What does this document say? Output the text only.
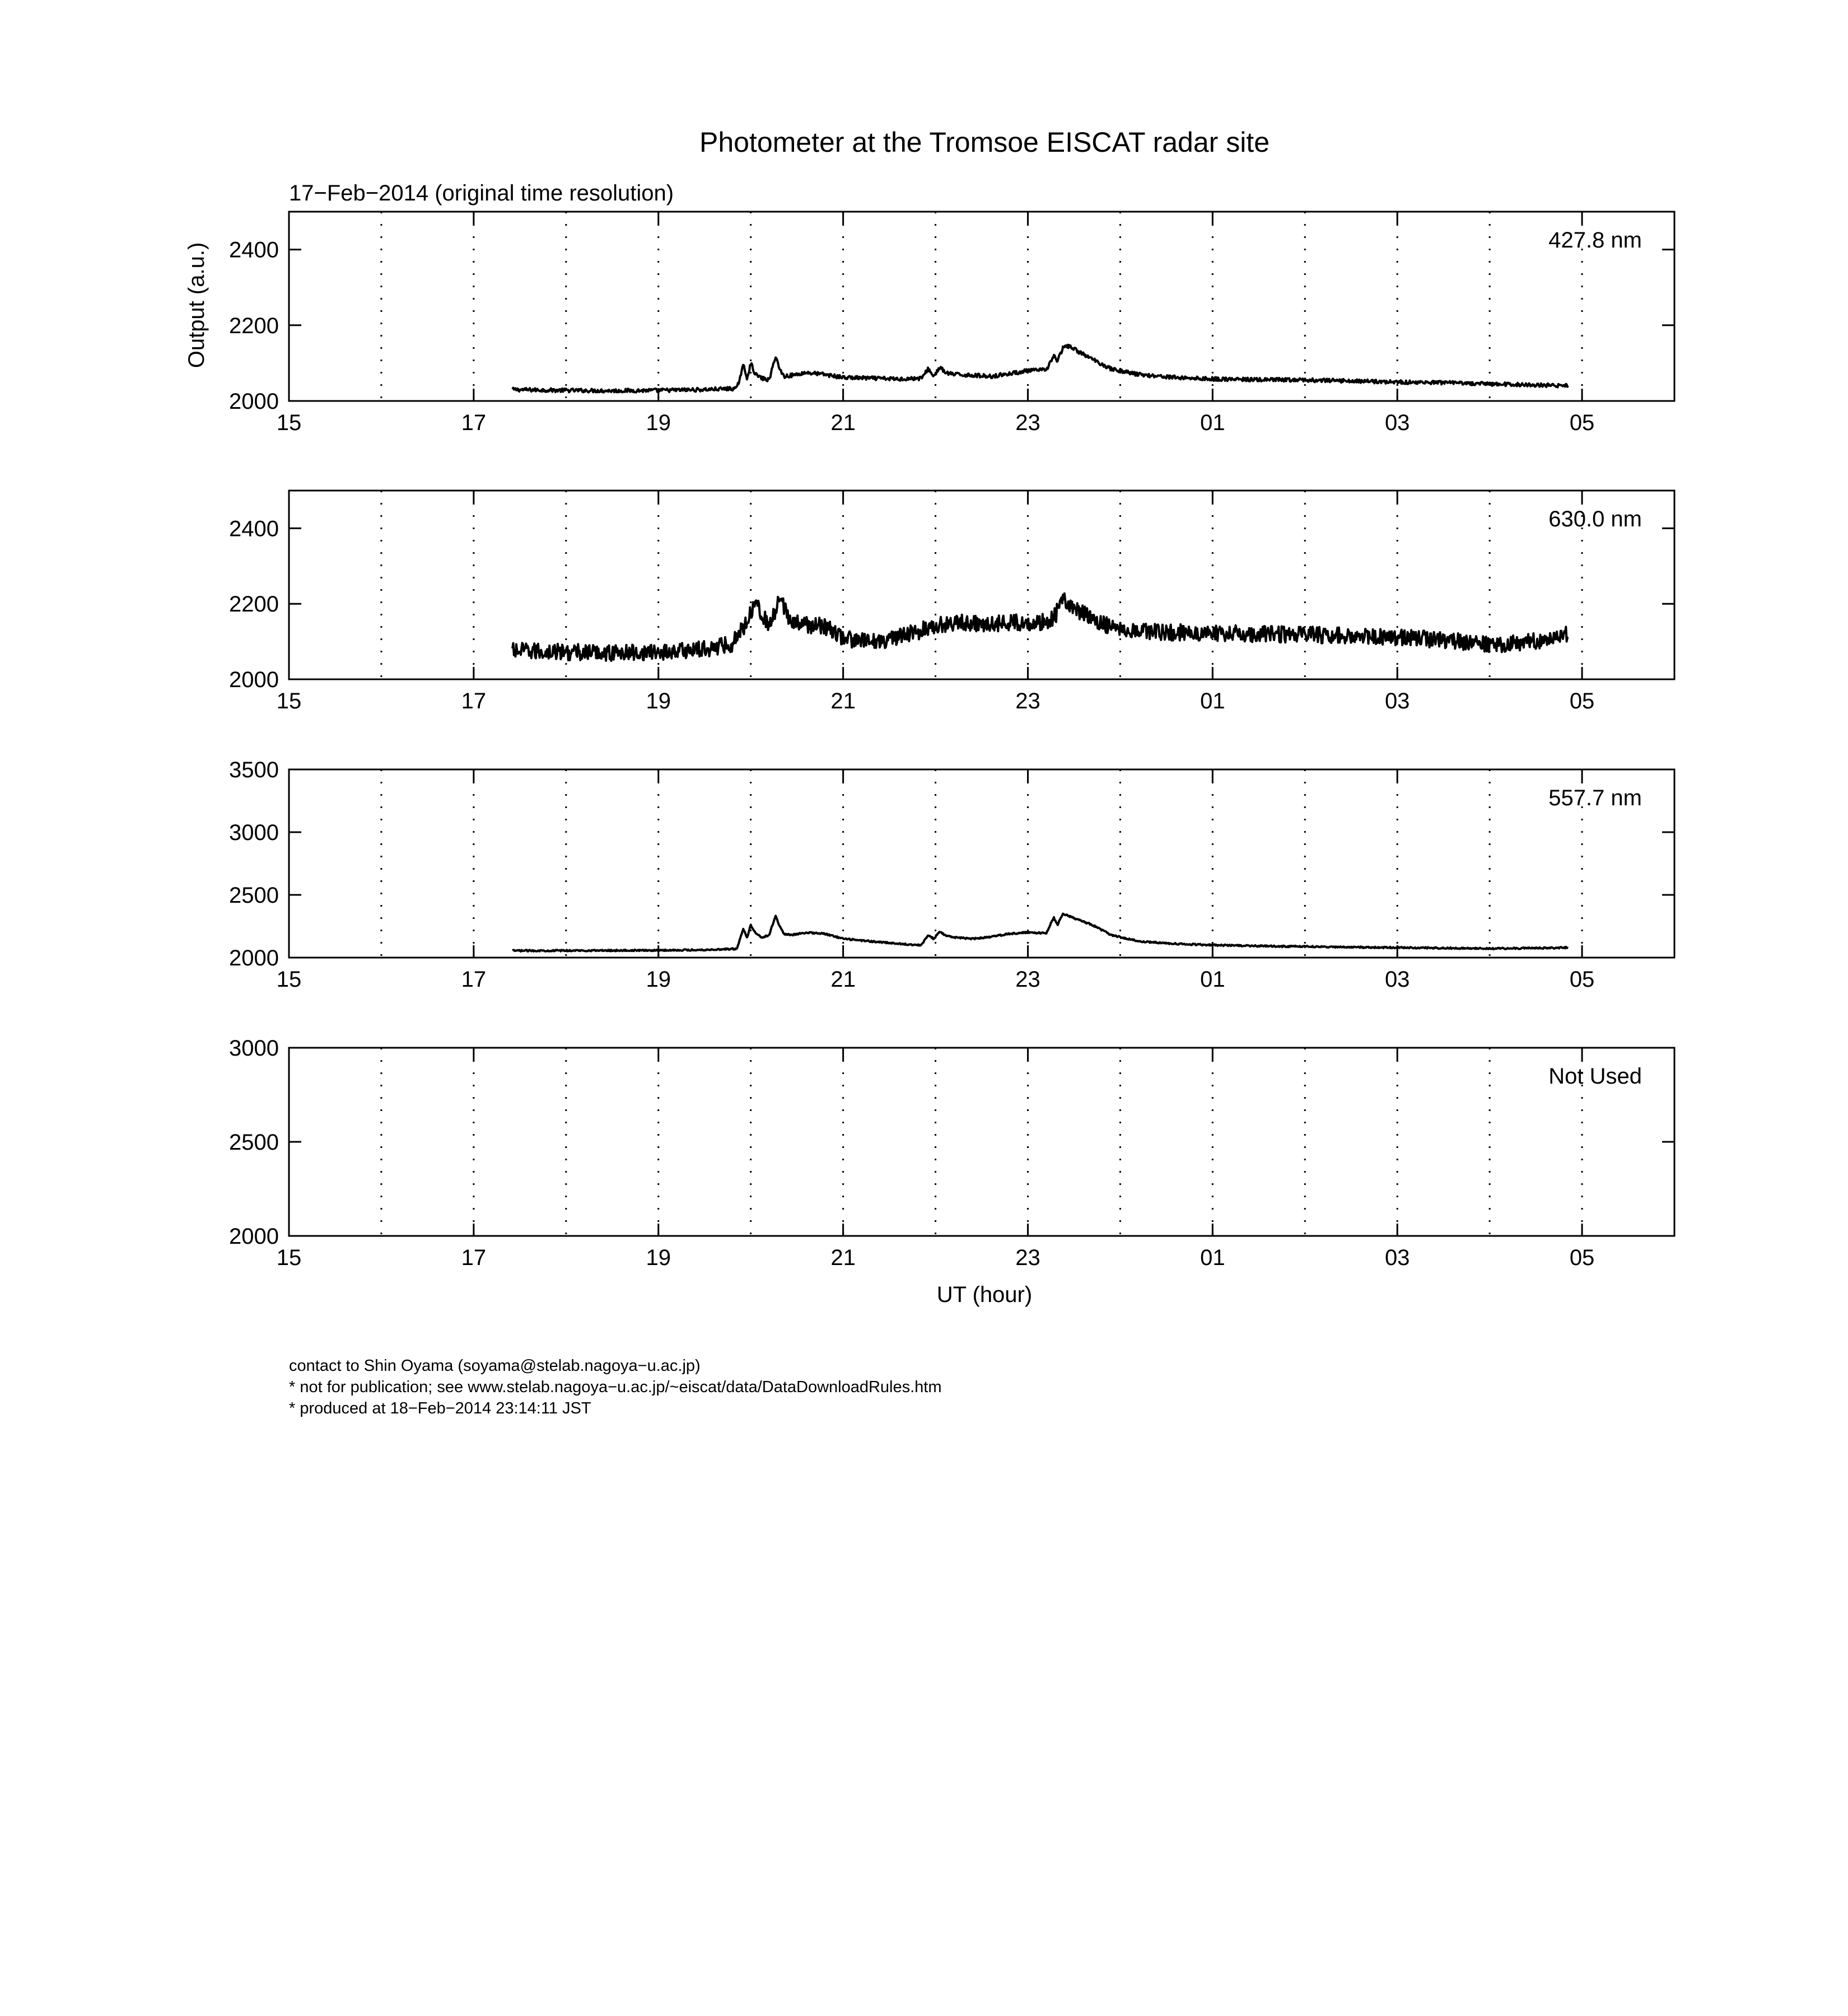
Photometer at the Tromsoe EISCAT radar site
17−Feb−2014 (original time resolution)
Output (a.u.)
UT (hour)
2000
2200
2400
15	17	19	21	23	01	03	05
427.8 nm
2000
2200
2400
15	17	19	21	23	01	03	05
630.0 nm
2000
2500
3000
3500
15	17	19	21	23	01	03	05
557.7 nm
2000
2500
3000
15	17	19	21	23	01	03	05
Not Used
contact to Shin Oyama (soyama@stelab.nagoya−u.ac.jp)
* not for publication; see www.stelab.nagoya−u.ac.jp/~eiscat/data/DataDownloadRules.htm
* produced at 18−Feb−2014 23:14:11 JST
